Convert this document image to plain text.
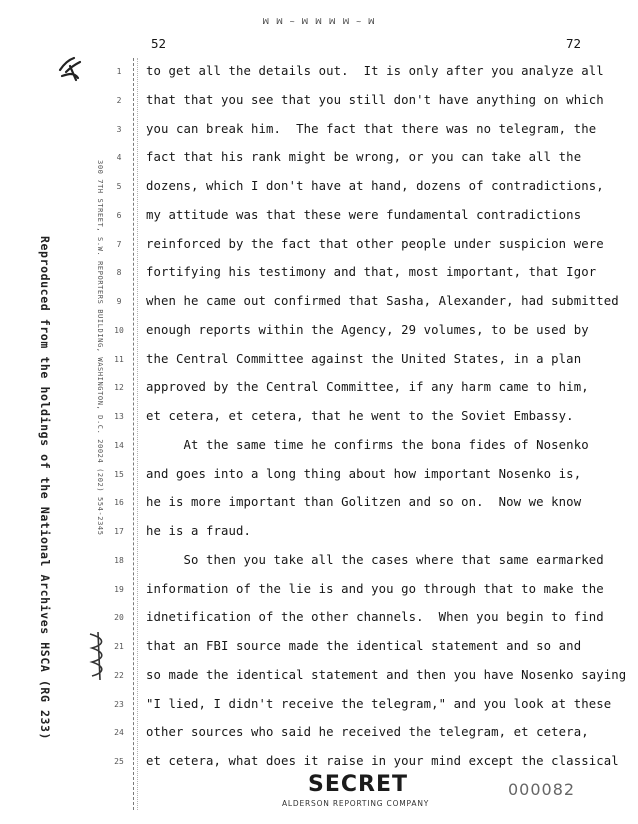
ꟽ ꟽ ~ ꟽ ꟽ ꟽ ꟽ ~ ꟽ
52	72
Reproduced from the holdings of the National Archives HSCA (RG 233)	300 7TH STREET, S.W. REPORTERS BUILDING, WASHINGTON, D.C. 20024 (202) 554-2345
1	to get all the details out.  It is only after you analyze all
2	that that you see that you still don't have anything on which
3	you can break him.  The fact that there was no telegram, the
4	fact that his rank might be wrong, or you can take all the
5	dozens, which I don't have at hand, dozens of contradictions,
6	my attitude was that these were fundamental contradictions
7	reinforced by the fact that other people under suspicion were
8	fortifying his testimony and that, most important, that Igor
9	when he came out confirmed that Sasha, Alexander, had submitted
10	enough reports within the Agency, 29 volumes, to be used by
11	the Central Committee against the United States, in a plan
12	approved by the Central Committee, if any harm came to him,
13	et cetera, et cetera, that he went to the Soviet Embassy.
14	At the same time he confirms the bona fides of Nosenko
15	and goes into a long thing about how important Nosenko is,
16	he is more important than Golitzen and so on.  Now we know
17	he is a fraud.
18	So then you take all the cases where that same earmarked
19	information of the lie is and you go through that to make the
20	idnetification of the other channels.  When you begin to find
21	that an FBI source made the identical statement and so and
22	so made the identical statement and then you have Nosenko saying
23	"I lied, I didn't receive the telegram," and you look at these
24	other sources who said he received the telegram, et cetera,
25	et cetera, what does it raise in your mind except the classical
SECRET
ALDERSON REPORTING COMPANY
000082
